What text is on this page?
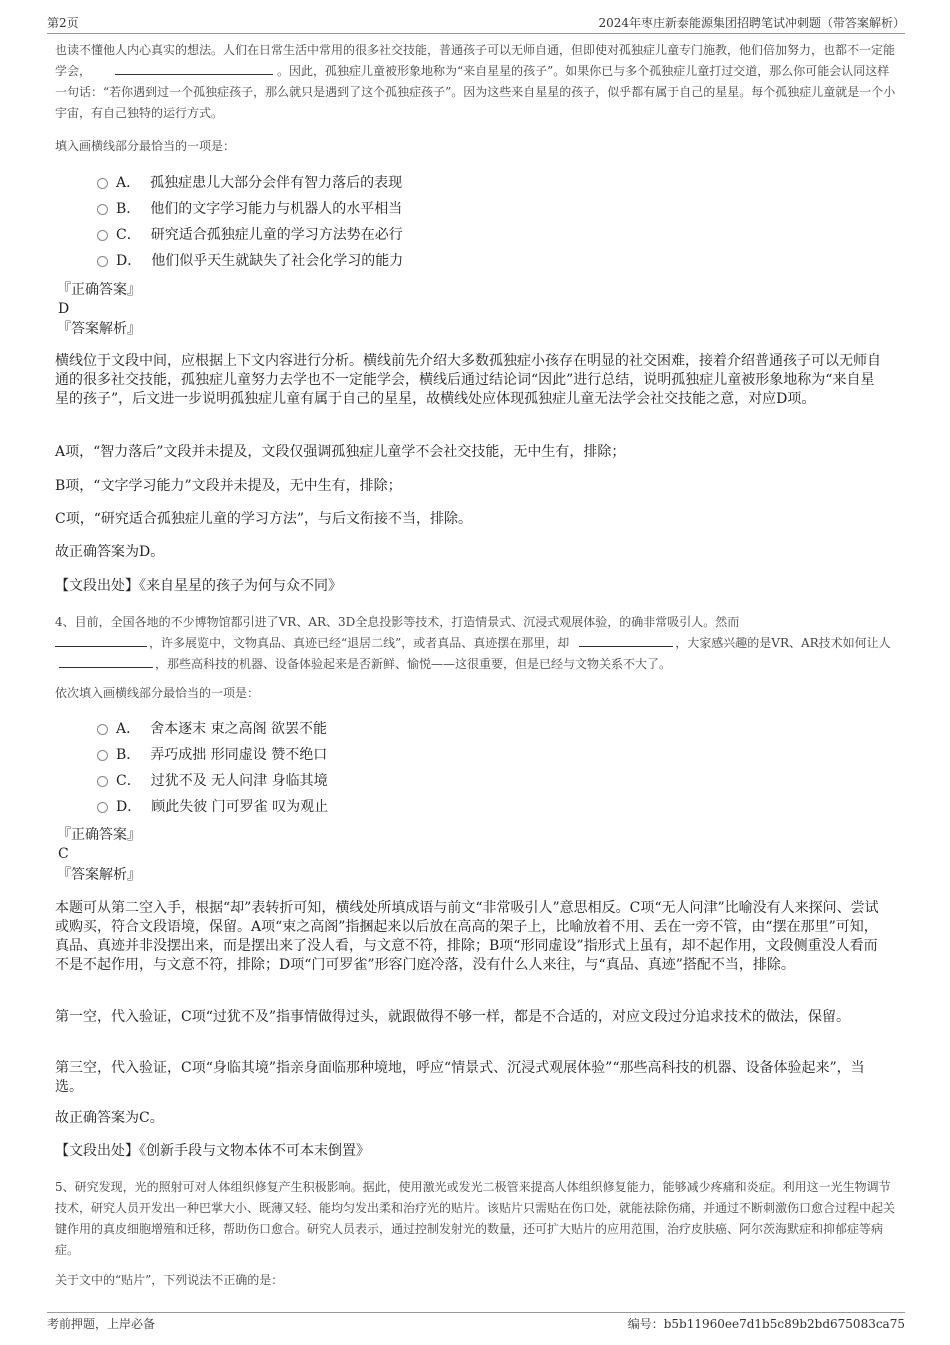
第2页	2024年枣庄新泰能源集团招聘笔试冲刺题（带答案解析）

也读不懂他人内心真实的想法。人们在日常生活中常用的很多社交技能，普通孩子可以无师自通，但即使对孤独症儿童专门施教，他们倍加努力，也都不一定能学会，	。因此，孤独症儿童被形象地称为“来自星星的孩子”。如果你已与多个孤独症儿童打过交道，那么你可能会认同这样一句话：“若你遇到过一个孤独症孩子，那么就只是遇到了这个孤独症孩子”。因为这些来自星星的孩子，似乎都有属于自己的星星。每个孤独症儿童就是一个小宇宙，有自己独特的运行方式。

填入画横线部分最恰当的一项是：

A． 孤独症患儿大部分会伴有智力落后的表现
B． 他们的文字学习能力与机器人的水平相当
C． 研究适合孤独症儿童的学习方法势在必行
D． 他们似乎天生就缺失了社会化学习的能力
『正确答案』
D
『答案解析』

横线位于文段中间，应根据上下文内容进行分析。横线前先介绍大多数孤独症小孩存在明显的社交困难，接着介绍普通孩子可以无师自通的很多社交技能，孤独症儿童努力去学也不一定能学会，横线后通过结论词“因此”进行总结，说明孤独症儿童被形象地称为“来自星星的孩子”，后文进一步说明孤独症儿童有属于自己的星星，故横线处应体现孤独症儿童无法学会社交技能之意，对应D项。

A项，“智力落后”文段并未提及，文段仅强调孤独症儿童学不会社交技能，无中生有，排除；

B项，“文字学习能力”文段并未提及，无中生有，排除；

C项，“研究适合孤独症儿童的学习方法”，与后文衔接不当，排除。

故正确答案为D。

【文段出处】《来自星星的孩子为何与众不同》

4、目前，全国各地的不少博物馆都引进了VR、AR、3D全息投影等技术，打造情景式、沉浸式观展体验，的确非常吸引人。然而
，许多展览中，文物真品、真迹已经“退居二线”，或者真品、真迹摆在那里，却	，大家感兴趣的是VR、AR技术如何让人，那些高科技的机器、设备体验起来是否新鲜、愉悦——这很重要，但是已经与文物关系不大了。

依次填入画横线部分最恰当的一项是：

A． 舍本逐末 束之高阁 欲罢不能
B． 弄巧成拙 形同虚设 赞不绝口
C． 过犹不及 无人问津 身临其境
D． 顾此失彼 门可罗雀 叹为观止
『正确答案』
C
『答案解析』

本题可从第二空入手，根据“却”表转折可知，横线处所填成语与前文“非常吸引人”意思相反。C项“无人问津”比喻没有人来探问、尝试或购买，符合文段语境，保留。A项“束之高阁”指捆起来以后放在高高的架子上，比喻放着不用、丢在一旁不管，由“摆在那里”可知，真品、真迹并非没摆出来，而是摆出来了没人看，与文意不符，排除；B项“形同虚设”指形式上虽有，却不起作用，文段侧重没人看而不是不起作用，与文意不符，排除；D项“门可罗雀”形容门庭冷落，没有什么人来往，与“真品、真迹”搭配不当，排除。

第一空，代入验证，C项“过犹不及”指事情做得过头，就跟做得不够一样，都是不合适的，对应文段过分追求技术的做法，保留。

第三空，代入验证，C项“身临其境”指亲身面临那种境地，呼应“情景式、沉浸式观展体验”“那些高科技的机器、设备体验起来”，当选。

故正确答案为C。

【文段出处】《创新手段与文物本体不可本末倒置》

5、研究发现，光的照射可对人体组织修复产生积极影响。据此，使用激光或发光二极管来提高人体组织修复能力，能够减少疼痛和炎症。利用这一光生物调节技术，研究人员开发出一种巴掌大小、既薄又轻、能均匀发出柔和治疗光的贴片。该贴片只需贴在伤口处，就能祛除伤痛，并通过不断刺激伤口愈合过程中起关键作用的真皮细胞增殖和迁移，帮助伤口愈合。研究人员表示，通过控制发射光的数量，还可扩大贴片的应用范围，治疗皮肤癌、阿尔茨海默症和抑郁症等病症。

关于文中的“贴片”，下列说法不正确的是：

考前押题，上岸必备	编号：b5b11960ee7d1b5c89b2bd675083ca75
